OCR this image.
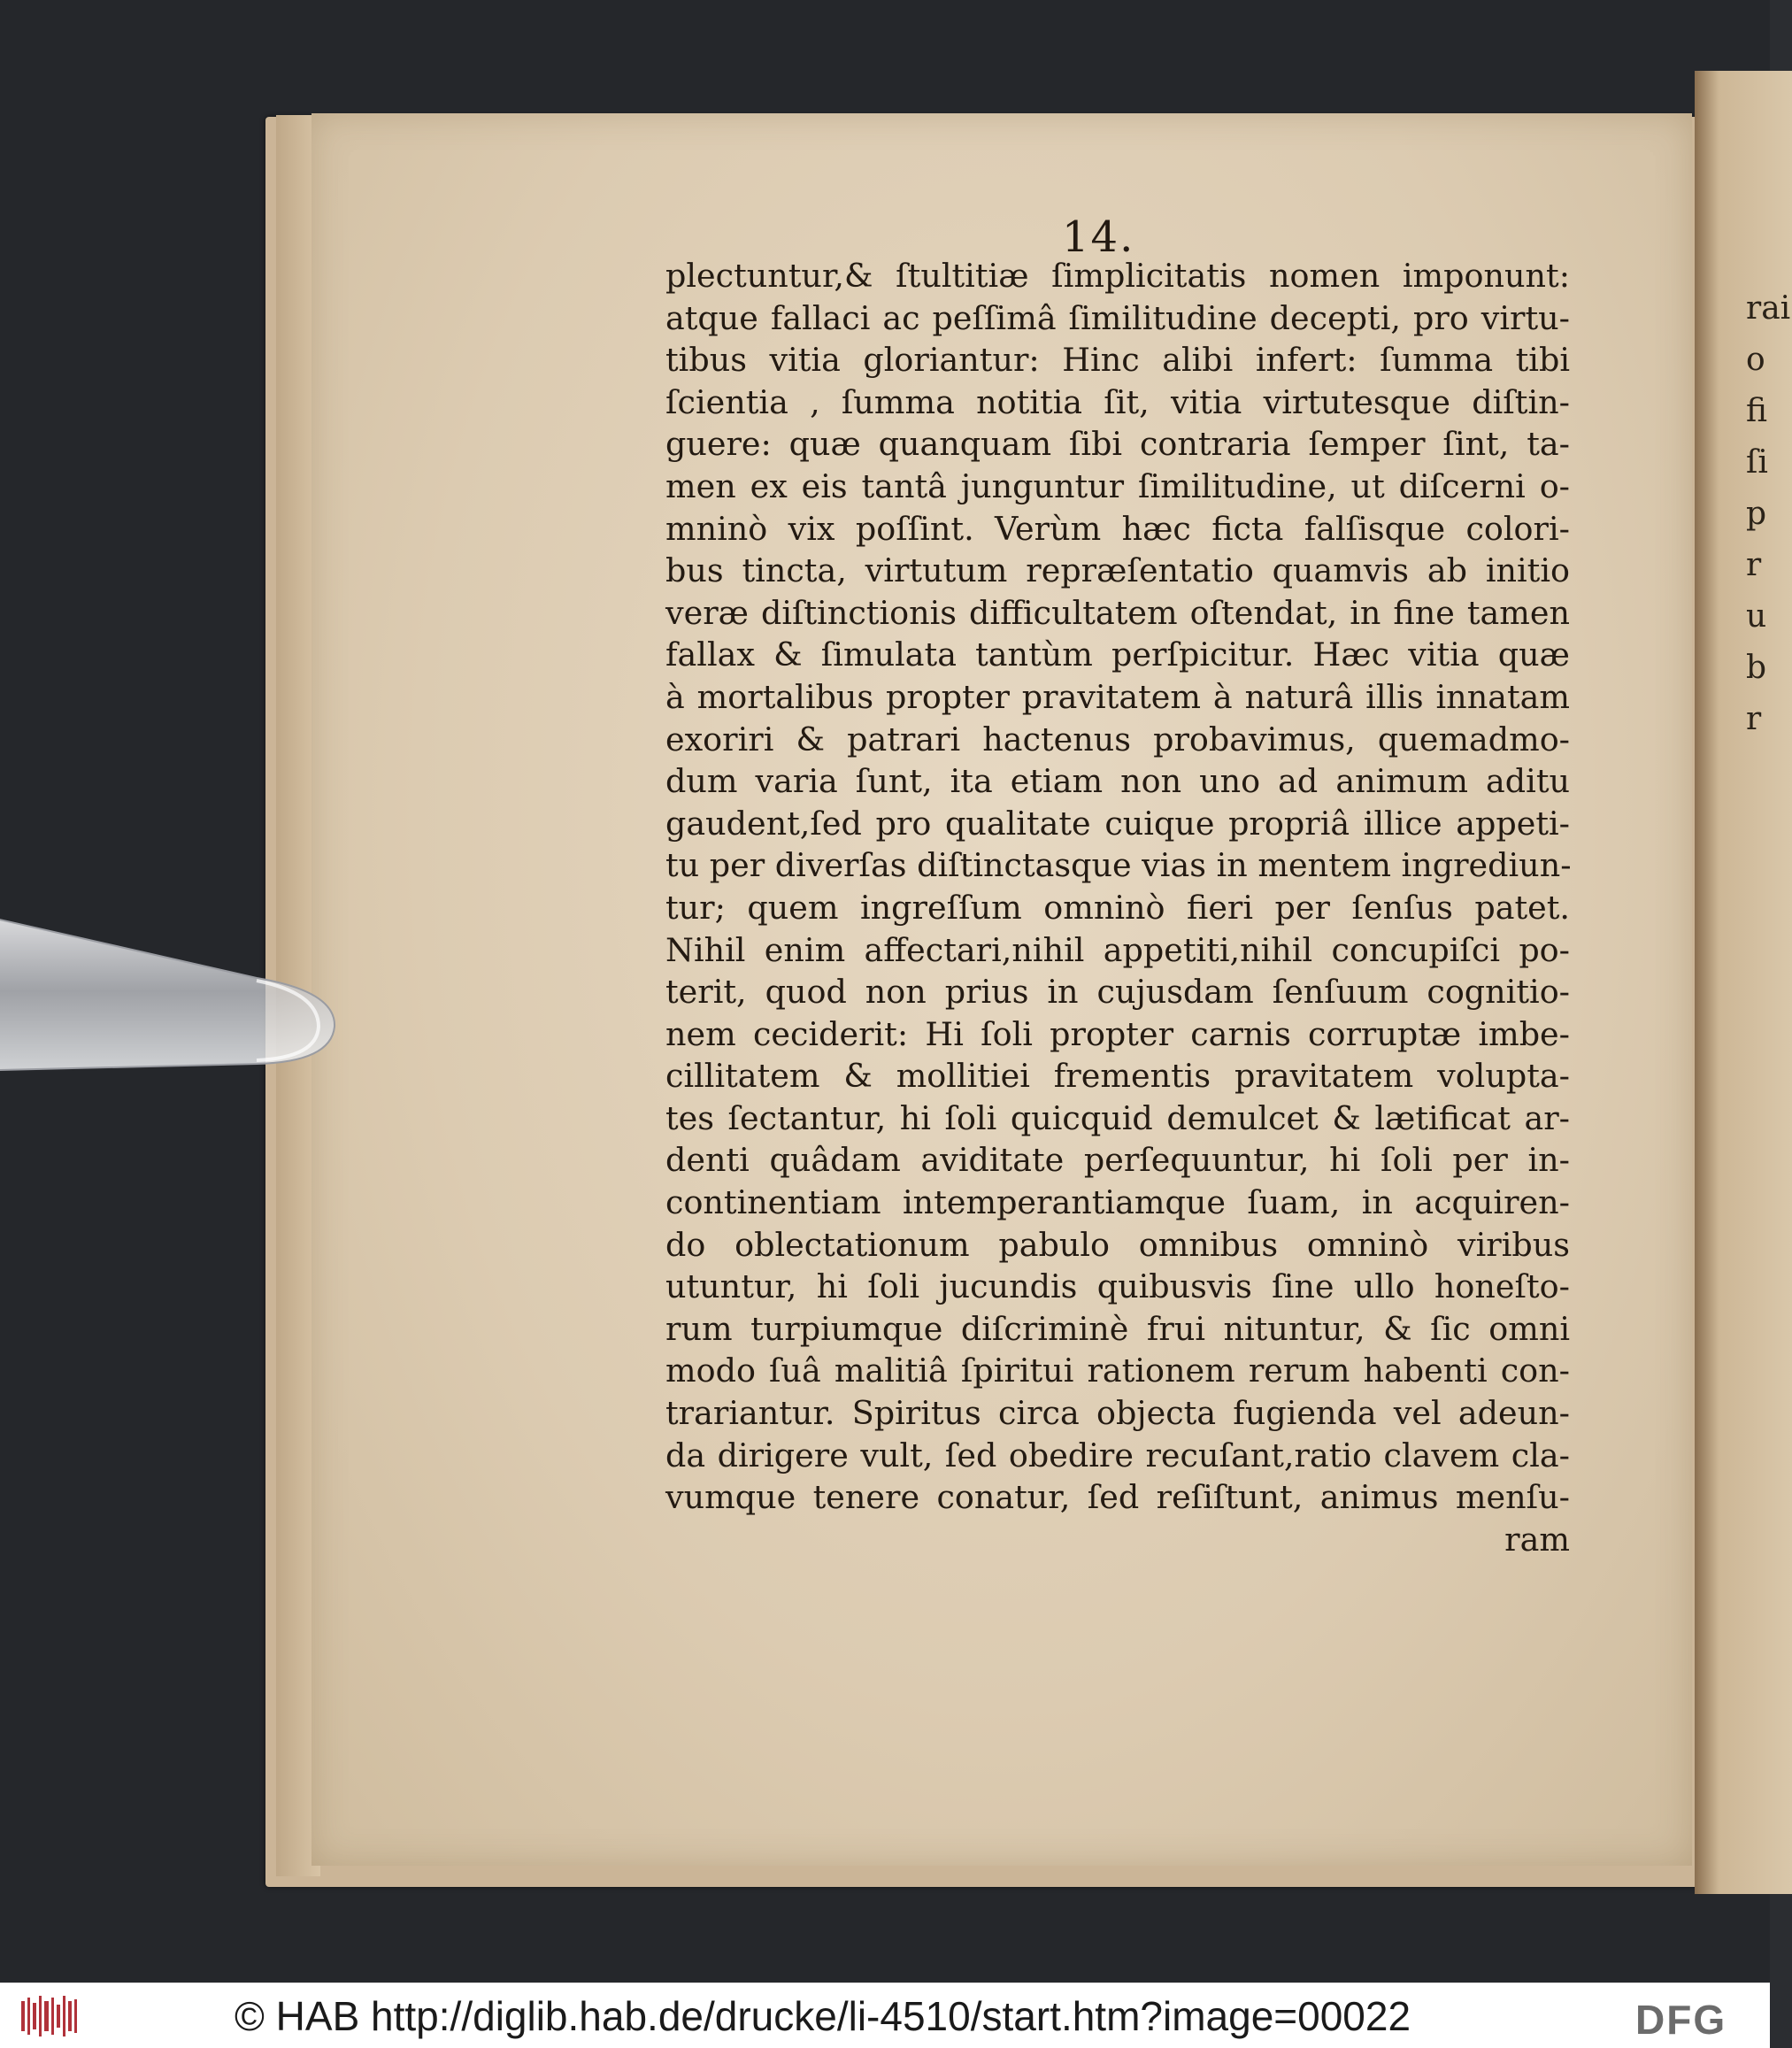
rai
o
fi
ſi
p
r
u
b
r
14.
plectuntur,& ſtultitiæ ſimplicitatis nomen imponunt:
atque fallaci ac peſſimâ ſimilitudine decepti, pro virtu-
tibus vitia gloriantur: Hinc alibi infert: ſumma tibi
ſcientia , ſumma notitia ſit, vitia virtutesque diſtin-
guere: quæ quanquam ſibi contraria ſemper ſint, ta-
men ex eis tantâ junguntur ſimilitudine, ut diſcerni o-
mninò vix poſſint. Verùm hæc ficta falſisque colori-
bus tincta, virtutum repræſentatio quamvis ab initio
veræ diſtinctionis difficultatem oſtendat, in fine tamen
fallax & ſimulata tantùm perſpicitur. Hæc vitia quæ
à mortalibus propter pravitatem à naturâ illis innatam
exoriri & patrari hactenus probavimus, quemadmo-
dum varia ſunt, ita etiam non uno ad animum aditu
gaudent,ſed pro qualitate cuique propriâ illice appeti-
tu per diverſas diſtinctasque vias in mentem ingrediun-
tur; quem ingreſſum omninò fieri per ſenſus patet.
Nihil enim affectari,nihil appetiti,nihil concupiſci po-
terit, quod non prius in cujusdam ſenſuum cognitio-
nem ceciderit: Hi ſoli propter carnis corruptæ imbe-
cillitatem & mollitiei frementis pravitatem volupta-
tes ſectantur, hi ſoli quicquid demulcet & lætificat ar-
denti quâdam aviditate perſequuntur, hi ſoli per in-
continentiam intemperantiamque ſuam, in acquiren-
do oblectationum pabulo omnibus omninò viribus
utuntur, hi ſoli jucundis quibusvis ſine ullo honeſto-
rum turpiumque diſcriminè frui nituntur, & ſic omni
modo ſuâ malitiâ ſpiritui rationem rerum habenti con-
trariantur. Spiritus circa objecta fugienda vel adeun-
da dirigere vult, ſed obedire recuſant,ratio clavem cla-
vumque tenere conatur, ſed reſiſtunt, animus menſu-
ram
© HAB http://diglib.hab.de/drucke/li-4510/start.htm?image=00022	DFG
